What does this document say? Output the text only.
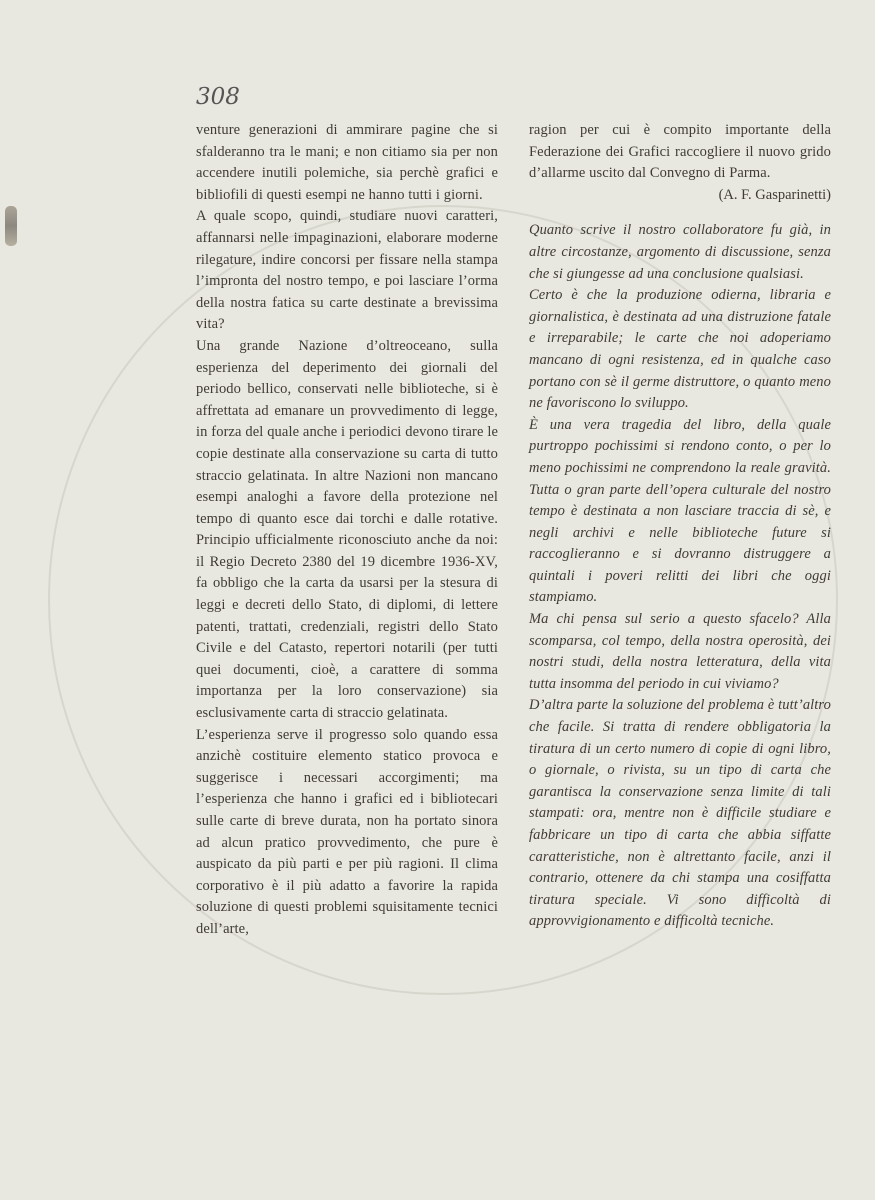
308

venture generazioni di ammirare pagine che si sfalderanno tra le mani; e non citiamo sia per non accendere inutili polemiche, sia perchè grafici e bibliofili di questi esempi ne hanno tutti i giorni.

A quale scopo, quindi, studiare nuovi caratteri, affannarsi nelle impaginazioni, elaborare moderne rilegature, indire concorsi per fissare nella stampa l’impronta del nostro tempo, e poi lasciare l’orma della nostra fatica su carte destinate a brevissima vita?

Una grande Nazione d’oltreoceano, sulla esperienza del deperimento dei giornali del periodo bellico, conservati nelle biblioteche, si è affrettata ad emanare un provvedimento di legge, in forza del quale anche i periodici devono tirare le copie destinate alla conservazione su carta di tutto straccio gelatinata. In altre Nazioni non mancano esempi analoghi a favore della protezione nel tempo di quanto esce dai torchi e dalle rotative. Principio ufficialmente riconosciuto anche da noi: il Regio Decreto 2380 del 19 dicembre 1936-XV, fa obbligo che la carta da usarsi per la stesura di leggi e decreti dello Stato, di diplomi, di lettere patenti, trattati, credenziali, registri dello Stato Civile e del Catasto, repertori notarili (per tutti quei documenti, cioè, a carattere di somma importanza per la loro conservazione) sia esclusivamente carta di straccio gelatinata.

L’esperienza serve il progresso solo quando essa anzichè costituire elemento statico provoca e suggerisce i necessari accorgimenti; ma l’esperienza che hanno i grafici ed i bibliotecari sulle carte di breve durata, non ha portato sinora ad alcun pratico provvedimento, che pure è auspicato da più parti e per più ragioni. Il clima corporativo è il più adatto a favorire la rapida soluzione di questi problemi squisitamente tecnici dell’arte,

ragion per cui è compito importante della Federazione dei Grafici raccogliere il nuovo grido d’allarme uscito dal Convegno di Parma.

(A. F. Gasparinetti)

Quanto scrive il nostro collaboratore fu già, in altre circostanze, argomento di discussione, senza che si giungesse ad una conclusione qualsiasi.

Certo è che la produzione odierna, libraria e giornalistica, è destinata ad una distruzione fatale e irreparabile; le carte che noi adoperiamo mancano di ogni resistenza, ed in qualche caso portano con sè il germe distruttore, o quanto meno ne favoriscono lo sviluppo.

È una vera tragedia del libro, della quale purtroppo pochissimi si rendono conto, o per lo meno pochissimi ne comprendono la reale gravità. Tutta o gran parte dell’opera culturale del nostro tempo è destinata a non lasciare traccia di sè, e negli archivi e nelle biblioteche future si raccoglieranno e si dovranno distruggere a quintali i poveri relitti dei libri che oggi stampiamo.

Ma chi pensa sul serio a questo sfacelo? Alla scomparsa, col tempo, della nostra operosità, dei nostri studi, della nostra letteratura, della vita tutta insomma del periodo in cui viviamo?

D’altra parte la soluzione del problema è tutt’altro che facile. Si tratta di rendere obbligatoria la tiratura di un certo numero di copie di ogni libro, o giornale, o rivista, su un tipo di carta che garantisca la conservazione senza limite di tali stampati: ora, mentre non è difficile studiare e fabbricare un tipo di carta che abbia siffatte caratteristiche, non è altrettanto facile, anzi il contrario, ottenere da chi stampa una cosiffatta tiratura speciale. Vi sono difficoltà di approvvigionamento e difficoltà tecniche.
